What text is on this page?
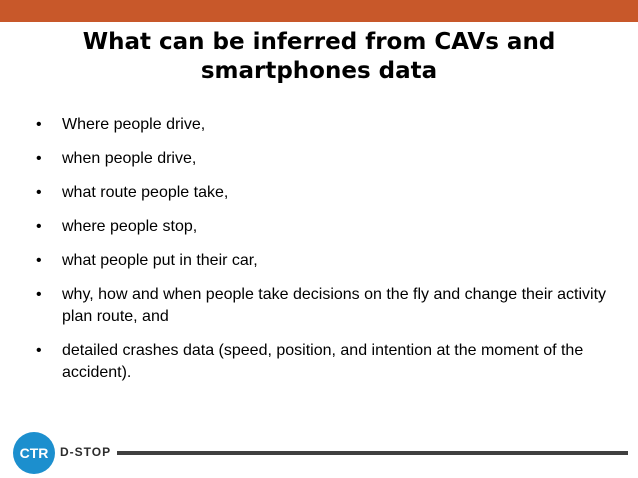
What can be inferred from CAVs and smartphones data
• Where people drive,
• when people drive,
• what route people take,
• where people stop,
• what people put in their car,
• why, how and when people take decisions on the fly and change their activity plan route, and
• detailed crashes data (speed, position, and intention at the moment of the accident).
CTR D-STOP
